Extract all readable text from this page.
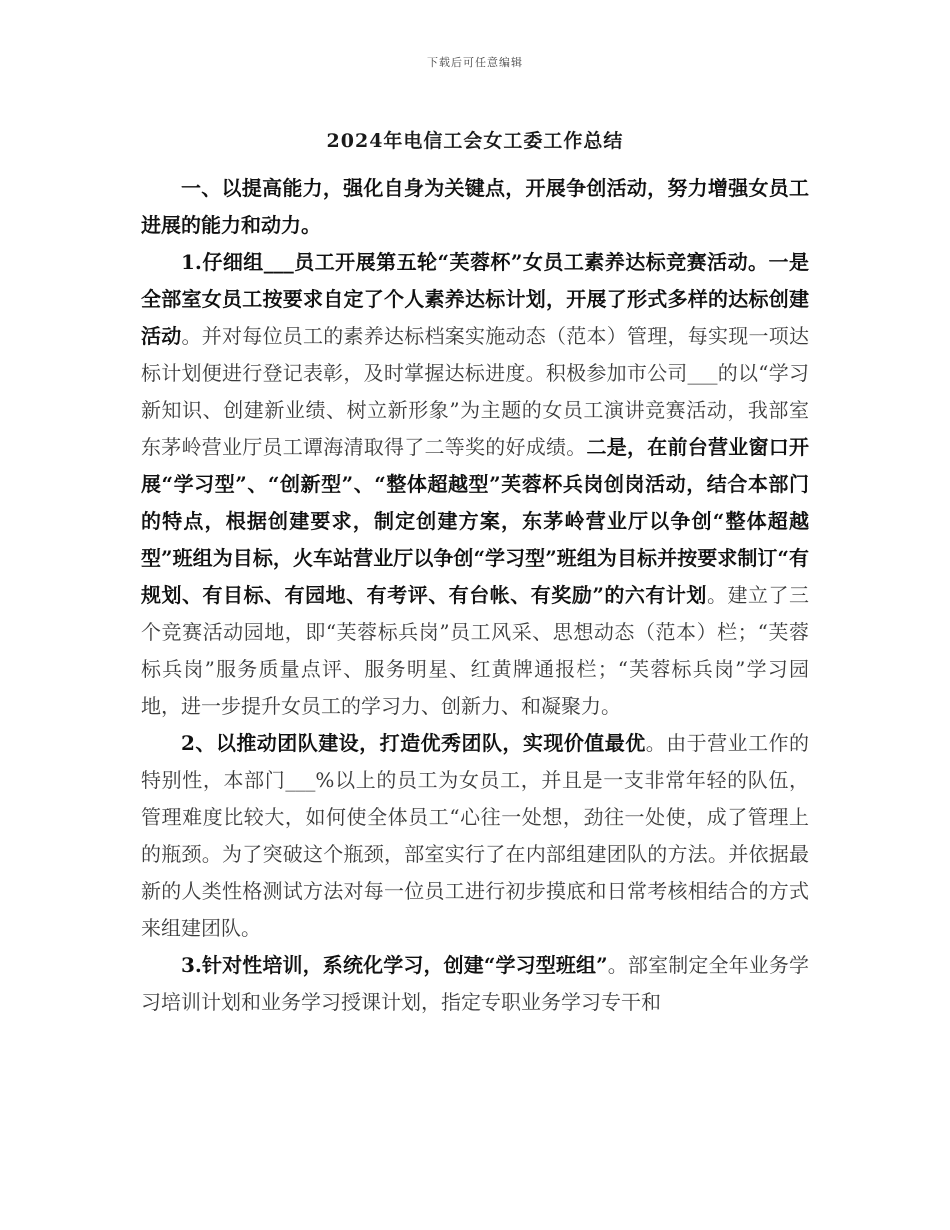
下载后可任意编辑
2024年电信工会女工委工作总结

一、以提高能力，强化自身为关键点，开展争创活动，努力增强女员工进展的能力和动力。

1.仔细组___员工开展第五轮“芙蓉杯”女员工素养达标竞赛活动。一是全部室女员工按要求自定了个人素养达标计划，开展了形式多样的达标创建活动。并对每位员工的素养达标档案实施动态（范本）管理，每实现一项达标计划便进行登记表彰，及时掌握达标进度。积极参加市公司___的以“学习新知识、创建新业绩、树立新形象”为主题的女员工演讲竞赛活动，我部室东茅岭营业厅员工谭海清取得了二等奖的好成绩。二是，在前台营业窗口开展“学习型”、“创新型”、“整体超越型”芙蓉杯兵岗创岗活动，结合本部门的特点，根据创建要求，制定创建方案，东茅岭营业厅以争创“整体超越型”班组为目标，火车站营业厅以争创“学习型”班组为目标并按要求制订“有规划、有目标、有园地、有考评、有台帐、有奖励”的六有计划。建立了三个竞赛活动园地，即“芙蓉标兵岗”员工风采、思想动态（范本）栏；“芙蓉标兵岗”服务质量点评、服务明星、红黄牌通报栏；“芙蓉标兵岗”学习园地，进一步提升女员工的学习力、创新力、和凝聚力。

2、以推动团队建设，打造优秀团队，实现价值最优。由于营业工作的特别性，本部门___%以上的员工为女员工，并且是一支非常年轻的队伍，管理难度比较大，如何使全体员工“心往一处想，劲往一处使，成了管理上的瓶颈。为了突破这个瓶颈，部室实行了在内部组建团队的方法。并依据最新的人类性格测试方法对每一位员工进行初步摸底和日常考核相结合的方式来组建团队。

3.针对性培训，系统化学习，创建“学习型班组”。部室制定全年业务学习培训计划和业务学习授课计划，指定专职业务学习专干和
